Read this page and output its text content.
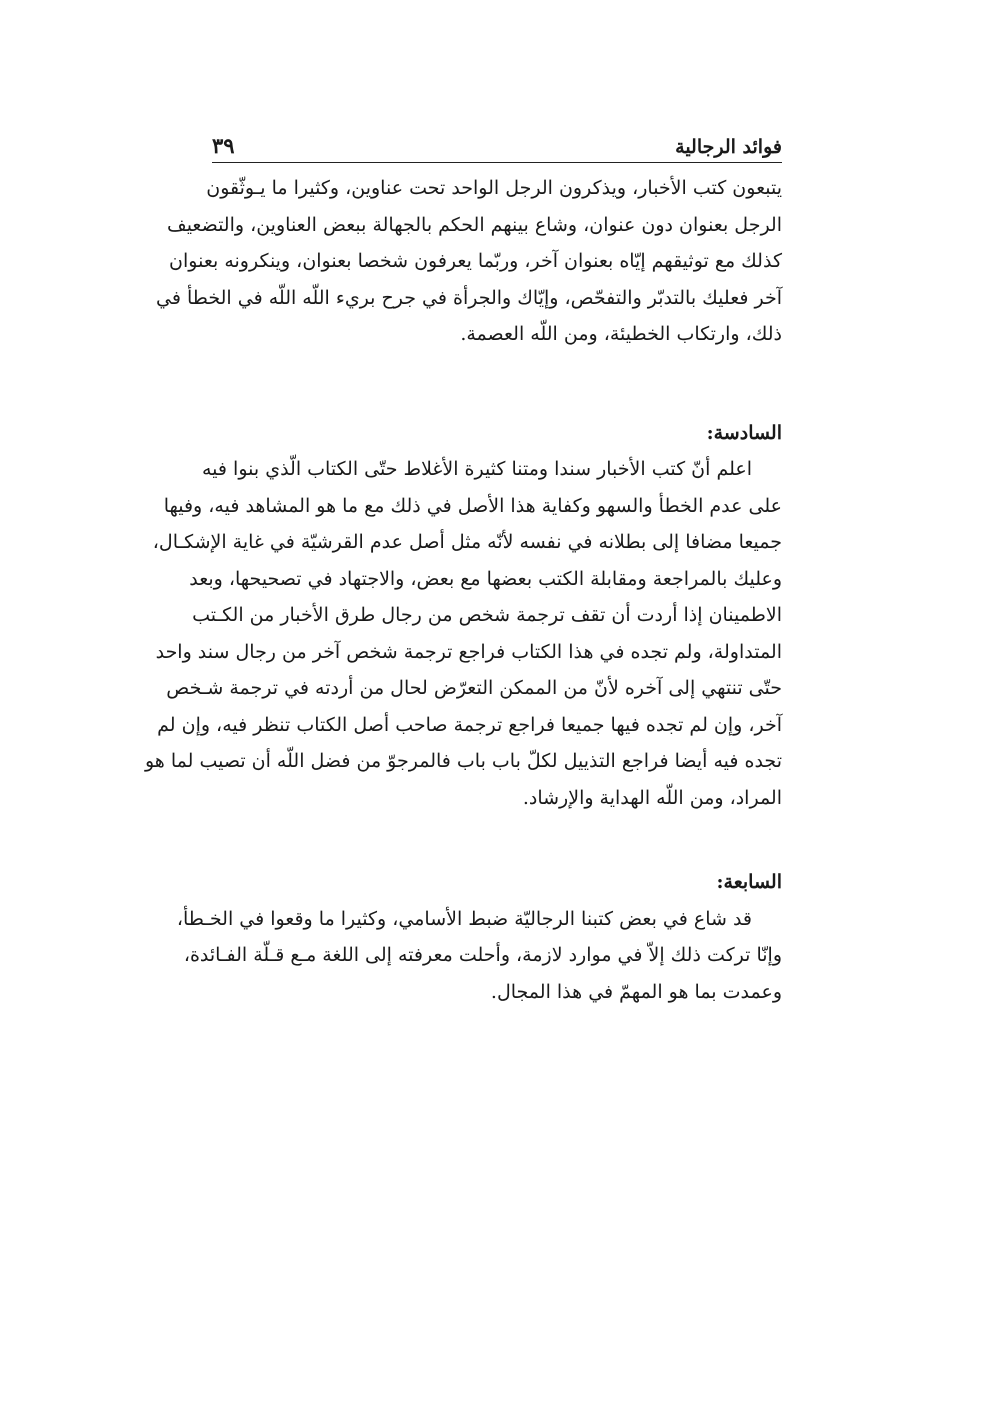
فوائد الرجالية
٣٩
يتبعون كتب الأخبار، ويذكرون الرجل الواحد تحت عناوين، وكثيرا ما يـوثّقون
الرجل بعنوان دون عنوان، وشاع بينهم الحكم بالجهالة ببعض العناوين، والتضعيف
كذلك مع توثيقهم إيّاه بعنوان آخر، وربّما يعرفون شخصا بعنوان، وينكرونه بعنوان
آخر فعليك بالتدبّر والتفحّص، وإيّاك والجرأة في جرح بريء اللّه اللّه في الخطأ في
ذلك، وارتكاب الخطيئة، ومن اللّه العصمة.
السادسة:
اعلم أنّ كتب الأخبار سندا ومتنا كثيرة الأغلاط حتّى الكتاب الّذي بنوا فيه
على عدم الخطأ والسهو وكفاية هذا الأصل في ذلك مع ما هو المشاهد فيه، وفيها
جميعا مضافا إلى بطلانه في نفسه لأنّه مثل أصل عدم القرشيّة في غاية الإشكـال،
وعليك بالمراجعة ومقابلة الكتب بعضها مع بعض، والاجتهاد في تصحيحها، وبعد
الاطمينان إذا أردت أن تقف ترجمة شخص من رجال طرق الأخبار من الكـتب
المتداولة، ولم تجده في هذا الكتاب فراجع ترجمة شخص آخر من رجال سند واحد
حتّى تنتهي إلى آخره لأنّ من الممكن التعرّض لحال من أردته في ترجمة شـخص
آخر، وإن لم تجده فيها جميعا فراجع ترجمة صاحب أصل الكتاب تنظر فيه، وإن لم
تجده فيه أيضا فراجع التذييل لكلّ باب باب فالمرجوّ من فضل اللّه أن تصيب لما هو
المراد، ومن اللّه الهداية والإرشاد.
السابعة:
قد شاع في بعض كتبنا الرجاليّة ضبط الأسامي، وكثيرا ما وقعوا في الخـطأ،
وإنّا تركت ذلك إلاّ في موارد لازمة، وأحلت معرفته إلى اللغة مـع قـلّة الفـائدة،
وعمدت بما هو المهمّ في هذا المجال.
